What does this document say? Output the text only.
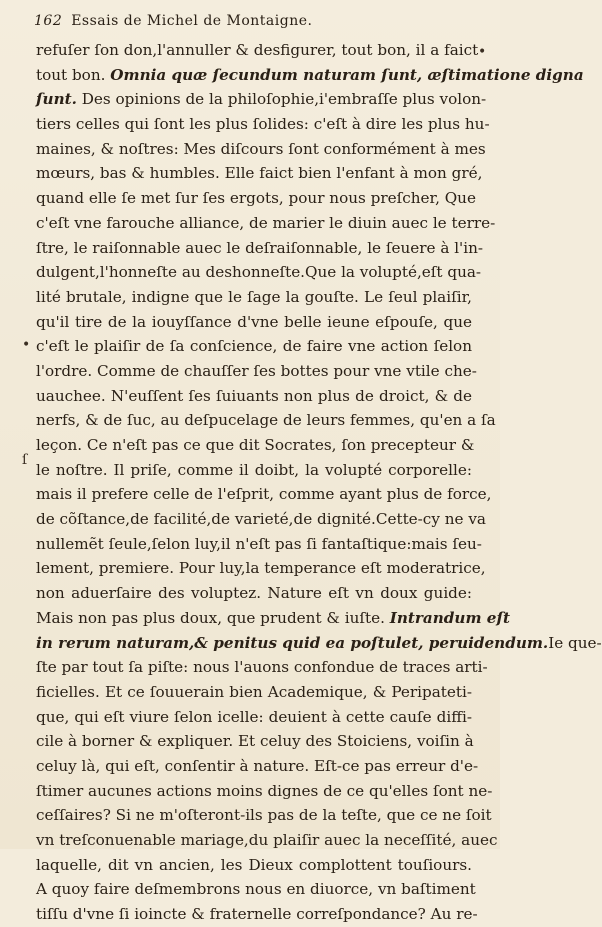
162 Essais de Michel de Montaigne.
refuſer ſon don,l'annuller & desfigurer, tout bon, il a faict
tout bon. Omnia quæ ſecundum naturam ſunt, æſtimatione digna
ſunt. Des opinions de la philoſophie,i'embraſſe plus volon-
tiers celles qui ſont les plus ſolides: c'eſt à dire les plus hu-
maines, & noſtres: Mes diſcours ſont conformément à mes
mœurs, bas & humbles. Elle faict bien l'enfant à mon gré,
quand elle ſe met ſur ſes ergots, pour nous preſcher, Que
c'eſt vne farouche alliance, de marier le diuin auec le terre-
ſtre, le raiſonnable auec le deſraiſonnable, le ſeuere à l'in-
dulgent,l'honneſte au deshonneſte.Que la volupté,eſt qua-
lité brutale, indigne que le ſage la gouſte. Le ſeul plaiſir,
qu'il tire de la iouyſſance d'vne belle ieune eſpouſe, que
c'eſt le plaiſir de ſa conſcience, de faire vne action ſelon
l'ordre. Comme de chauſſer ſes bottes pour vne vtile che-
uauchee. N'euſſent ſes ſuiuants non plus de droict, & de
nerfs, & de ſuc, au deſpucelage de leurs femmes, qu'en a ſa
leçon. Ce n'eſt pas ce que dit Socrates, ſon precepteur &
le noſtre. Il priſe, comme il doibt, la volupté corporelle:
mais il prefere celle de l'eſprit, comme ayant plus de force,
de cõſtance,de facilité,de varieté,de dignité.Cette-cy ne va
nullemẽt ſeule,ſelon luy,il n'eſt pas ſi fantaſtique:mais ſeu-
lement, premiere. Pour luy,la temperance eſt moderatrice,
non aduerſaire des voluptez. Nature eſt vn doux guide:
Mais non pas plus doux, que prudent & iuſte. Intrandum eſt
in rerum naturam,& penitus quid ea poſtulet, peruidendum.Ie que-
ſte par tout ſa piſte: nous l'auons confondue de traces arti-
ficielles. Et ce ſouuerain bien Academique, & Peripateti-
que, qui eſt viure ſelon icelle: deuient à cette cauſe diffi-
cile à borner & expliquer. Et celuy des Stoiciens, voiſin à
celuy là, qui eſt, conſentir à nature. Eſt-ce pas erreur d'e-
ſtimer aucunes actions moins dignes de ce qu'elles ſont ne-
ceſſaires? Si ne m'oſteront-ils pas de la teſte, que ce ne ſoit
vn treſconuenable mariage,du plaiſir auec la neceſſité, auec
laquelle, dit vn ancien, les Dieux complottent touſiours.
A quoy faire deſmembrons nous en diuorce, vn baſtiment
tiſſu d'vne ſi ioincte & fraternelle correſpondance? Au re-
•
•
ſ
